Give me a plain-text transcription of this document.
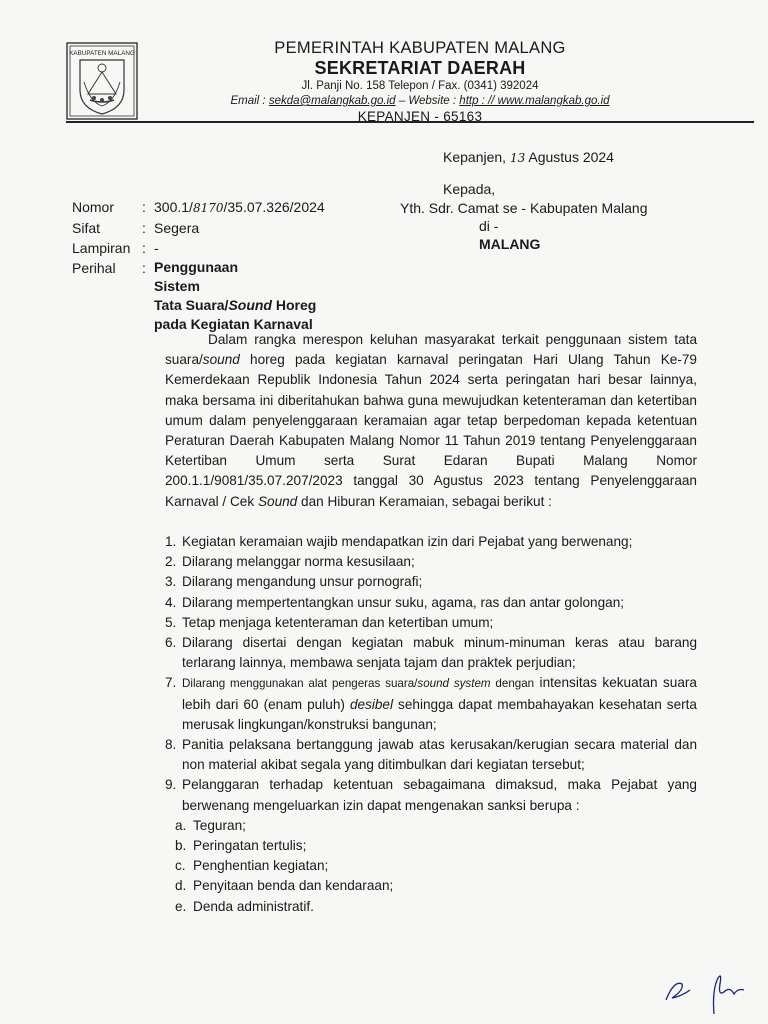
KABUPATEN MALANG	PEMERINTAH KABUPATEN MALANG
SEKRETARIAT DAERAH
Jl. Panji No. 158 Telepon / Fax. (0341) 392024
Email : sekda@malangkab.go.id – Website : http : // www.malangkab.go.id
KEPANJEN - 65163
Kepanjen, 13 Agustus 2024
Kepada,
Yth. Sdr. Camat se - Kabupaten Malang
di -
MALANG
Nomor	: 300.1/8170/35.07.326/2024
Sifat	: Segera
Lampiran : -
Perihal	: PenggunaanSistem
Tata Suara/Sound Horeg
pada Kegiatan Karnaval

Dalam rangka merespon keluhan masyarakat terkait penggunaan sistem tata suara/sound horeg pada kegiatan karnaval peringatan Hari Ulang Tahun Ke-79 Kemerdekaan Republik Indonesia Tahun 2024 serta peringatan hari besar lainnya, maka bersama ini diberitahukan bahwa guna mewujudkan ketenteraman dan ketertiban umum dalam penyelenggaraan keramaian agar tetap berpedoman kepada ketentuan Peraturan Daerah Kabupaten Malang Nomor 11 Tahun 2019 tentang Penyelenggaraan Ketertiban Umum serta Surat Edaran Bupati Malang Nomor 200.1.1/9081/35.07.207/2023 tanggal 30 Agustus 2023 tentang Penyelenggaraan Karnaval / Cek Sound dan Hiburan Keramaian, sebagai berikut :

1. Kegiatan keramaian wajib mendapatkan izin dari Pejabat yang berwenang;
2. Dilarang melanggar norma kesusilaan;
3. Dilarang mengandung unsur pornografi;
4. Dilarang mempertentangkan unsur suku, agama, ras dan antar golongan;
5. Tetap menjaga ketenteraman dan ketertiban umum;
6. Dilarang disertai dengan kegiatan mabuk minum-minuman keras atau barang terlarang lainnya, membawa senjata tajam dan praktek perjudian;
7. Dilarang menggunakan alat pengeras suara/sound system dengan intensitas kekuatan suara lebih dari 60 (enam puluh) desibel sehingga dapat membahayakan kesehatan serta merusak lingkungan/konstruksi bangunan;
8. Panitia pelaksana bertanggung jawab atas kerusakan/kerugian secara material dan non material akibat segala yang ditimbulkan dari kegiatan tersebut;
9. Pelanggaran terhadap ketentuan sebagaimana dimaksud, maka Pejabat yang berwenang mengeluarkan izin dapat mengenakan sanksi berupa :
a. Teguran;
b. Peringatan tertulis;
c. Penghentian kegiatan;
d. Penyitaan benda dan kendaraan;
e. Denda administratif.
